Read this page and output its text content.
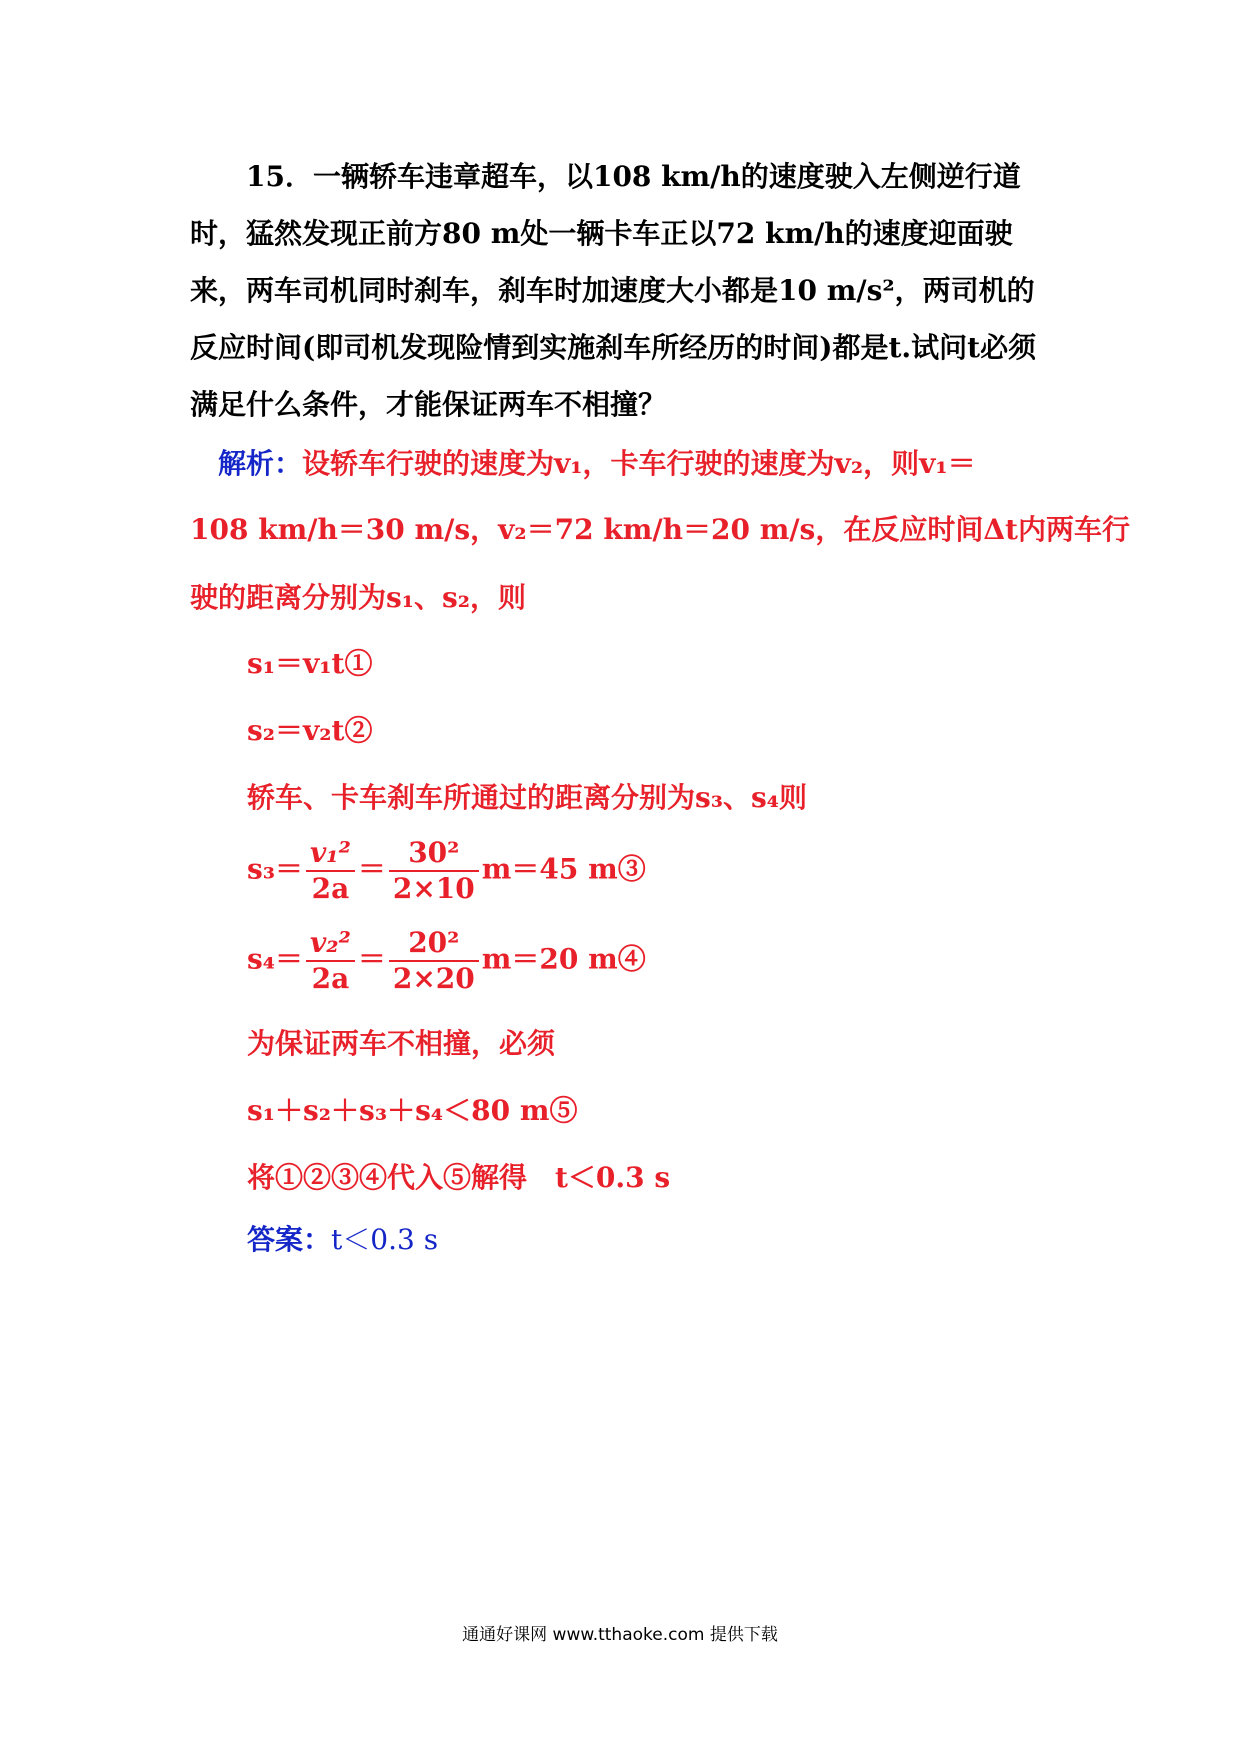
15．一辆轿车违章超车，以108 km/h的速度驶入左侧逆行道时，猛然发现正前方80 m处一辆卡车正以72 km/h的速度迎面驶来，两车司机同时刹车，刹车时加速度大小都是10 m/s²，两司机的反应时间(即司机发现险情到实施刹车所经历的时间)都是t.试问t必须满足什么条件，才能保证两车不相撞？

解析：设轿车行驶的速度为v₁，卡车行驶的速度为v₂，则v₁＝
108 km/h＝30 m/s，v₂＝72 km/h＝20 m/s，在反应时间Δt内两车行
驶的距离分别为s₁、s₂，则
s₁＝v₁t①
s₂＝v₂t②
轿车、卡车刹车所通过的距离分别为s₃、s₄则
$s_3= \frac{\text{v₁²}}{2a} = \frac{\text{30²}}{2\times 10} m=45$ m③
$s_4= \frac{\text{v₂²}}{2a} = \frac{\text{20²}}{2\times 20} m=20$ m④
为保证两车不相撞，必须
s₁＋s₂＋s₃＋s₄＜80 m⑤
将①②③④代入⑤解得　t＜0.3 s
答案：t＜0.3 s
通通好课网 www.tthaoke.com 提供下载
